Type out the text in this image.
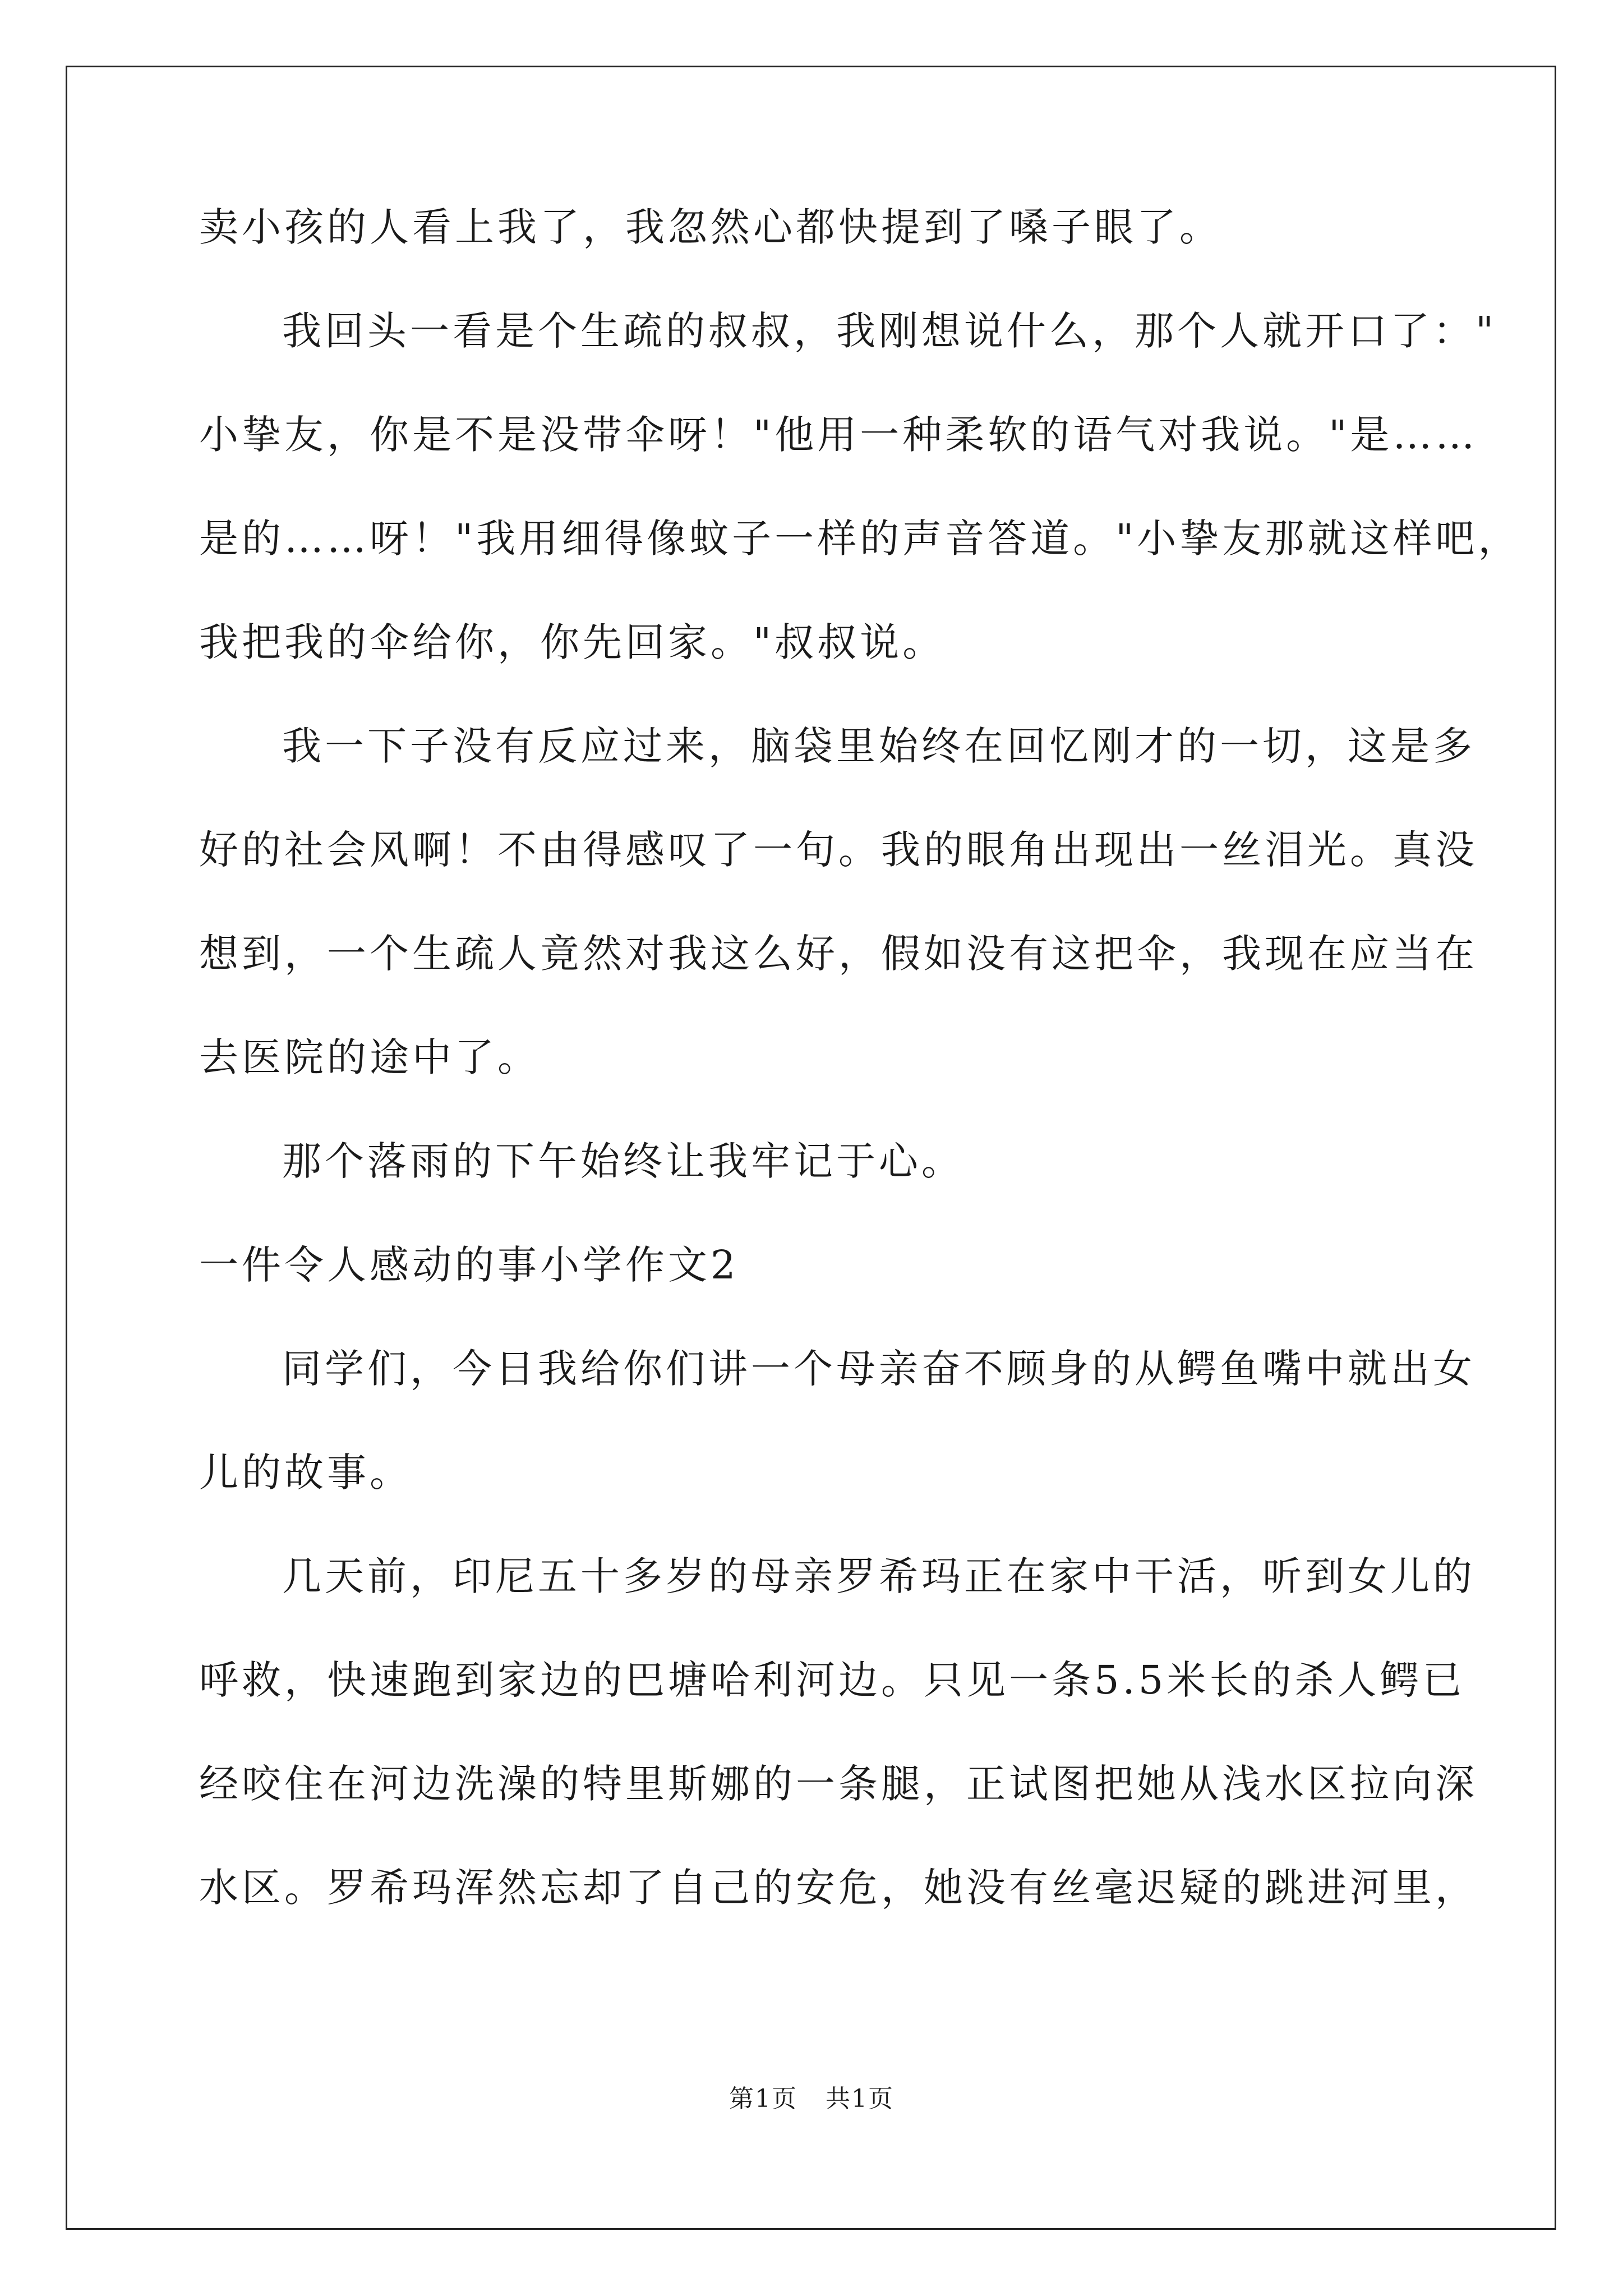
卖小孩的人看上我了，我忽然心都快提到了嗓子眼了。
我回头一看是个生疏的叔叔，我刚想说什么，那个人就开口了："
小挚友，你是不是没带伞呀！"他用一种柔软的语气对我说。"是……
是的……呀！"我用细得像蚊子一样的声音答道。"小挚友那就这样吧，
我把我的伞给你，你先回家。"叔叔说。
我一下子没有反应过来，脑袋里始终在回忆刚才的一切，这是多
好的社会风啊！不由得感叹了一句。我的眼角出现出一丝泪光。真没
想到，一个生疏人竟然对我这么好，假如没有这把伞，我现在应当在
去医院的途中了。
那个落雨的下午始终让我牢记于心。
一件令人感动的事小学作文2
同学们，今日我给你们讲一个母亲奋不顾身的从鳄鱼嘴中就出女
儿的故事。
几天前，印尼五十多岁的母亲罗希玛正在家中干活，听到女儿的
呼救，快速跑到家边的巴塘哈利河边。只见一条5.5米长的杀人鳄已
经咬住在河边洗澡的特里斯娜的一条腿，正试图把她从浅水区拉向深
水区。罗希玛浑然忘却了自己的安危，她没有丝毫迟疑的跳进河里，
第1页 共1页
